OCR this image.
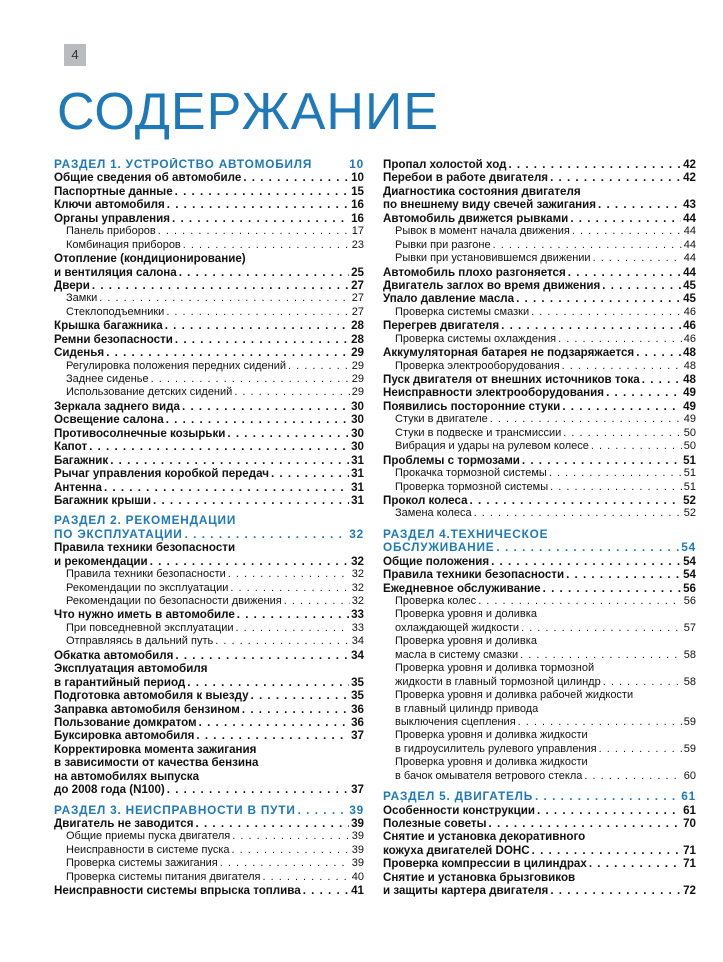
4
СОДЕРЖАНИЕ
РАЗДЕЛ 1. УСТРОЙСТВО АВТОМОБИЛЯ	10
Общие сведения об автомобиле . . .	10
Паспортные данные . . .	15
Ключи автомобиля . . .	16
Органы управления . . .	16
Панель приборов . . .	17
Комбинация приборов . . .	23
Отопление (кондиционирование)
и вентиляция салона . . .	25
Двери . . .	27
Замки . . .	27
Стеклоподъемники . . .	27
Крышка багажника . . .	28
Ремни безопасности . . .	28
Сиденья . . .	29
Регулировка положения передних сидений . . .	29
Заднее сиденье . . .	29
Использование детских сидений . . .	29
Зеркала заднего вида . . .	30
Освещение салона . . .	30
Противосолнечные козырьки . . .	30
Капот . . .	30
Багажник . . .	31
Рычаг управления коробкой передач . . .	31
Антенна . . .	31
Багажник крыши . . .	31
РАЗДЕЛ 2. РЕКОМЕНДАЦИИ
ПО ЭКСПЛУАТАЦИИ . . .	32
Правила техники безопасности
и рекомендации . . .	32
Правила техники безопасности . . .	32
Рекомендации по эксплуатации . . .	32
Рекомендации по безопасности движения . . .	32
Что нужно иметь в автомобиле . . .	33
При повседневной эксплуатации . . .	33
Отправляясь в дальний путь . . .	34
Обкатка автомобиля . . .	34
Эксплуатация автомобиля
в гарантийный период . . .	35
Подготовка автомобиля к выезду . . .	35
Заправка автомобиля бензином . . .	36
Пользование домкратом . . .	36
Буксировка автомобиля . . .	37
Корректировка момента зажигания
в зависимости от качества бензина
на автомобилях выпуска
до 2008 года (N100) . . .	37
РАЗДЕЛ 3. НЕИСПРАВНОСТИ В ПУТИ . . .	39
Двигатель не заводится . . .	39
Общие приемы пуска двигателя . . .	39
Неисправности в системе пуска . . .	39
Проверка системы зажигания . . .	39
Проверка системы питания двигателя . . .	40
Неисправности системы впрыска топлива . . .	41
Пропал холостой ход . . .	42
Перебои в работе двигателя . . .	42
Диагностика состояния двигателя
по внешнему виду свечей зажигания . . .	43
Автомобиль движется рывками . . .	44
Рывок в момент начала движения . . .	44
Рывки при разгоне . . .	44
Рывки при установившемся движении . . .	44
Автомобиль плохо разгоняется . . .	44
Двигатель заглох во время движения . . .	45
Упало давление масла . . .	45
Проверка системы смазки . . .	46
Перегрев двигателя . . .	46
Проверка системы охлаждения . . .	46
Аккумуляторная батарея не подзаряжается . . .	48
Проверка электрооборудования . . .	48
Пуск двигателя от внешних источников тока . . .	48
Неисправности электрооборудования . . .	49
Появились посторонние стуки . . .	49
Стуки в двигателе . . .	49
Стуки в подвеске и трансмиссии . . .	50
Вибрация и удары на рулевом колесе . . .	50
Проблемы с тормозами . . .	51
Прокачка тормозной системы . . .	51
Проверка тормозной системы . . .	51
Прокол колеса . . .	52
Замена колеса . . .	52
РАЗДЕЛ 4.ТЕХНИЧЕСКОЕ
ОБСЛУЖИВАНИЕ . . .	54
Общие положения . . .	54
Правила техники безопасности . . .	54
Ежедневное обслуживание . . .	56
Проверка колес . . .	56
Проверка уровня и доливка
охлаждающей жидкости . . .	57
Проверка уровня и доливка
масла в систему смазки . . .	58
Проверка уровня и доливка тормозной
жидкости в главный тормозной цилиндр . . .	58
Проверка уровня и доливка рабочей жидкости
в главный цилиндр привода
выключения сцепления . . .	59
Проверка уровня и доливка жидкости
в гидроусилитель рулевого управления . . .	59
Проверка уровня и доливка жидкости
в бачок омывателя ветрового стекла . . .	60
РАЗДЕЛ 5. ДВИГАТЕЛЬ . . .	61
Особенности конструкции . . .	61
Полезные советы . . .	70
Снятие и установка декоративного
кожуха двигателей DOHC . . .	71
Проверка компрессии в цилиндрах . . .	71
Снятие и установка брызговиков
и защиты картера двигателя . . .	72
